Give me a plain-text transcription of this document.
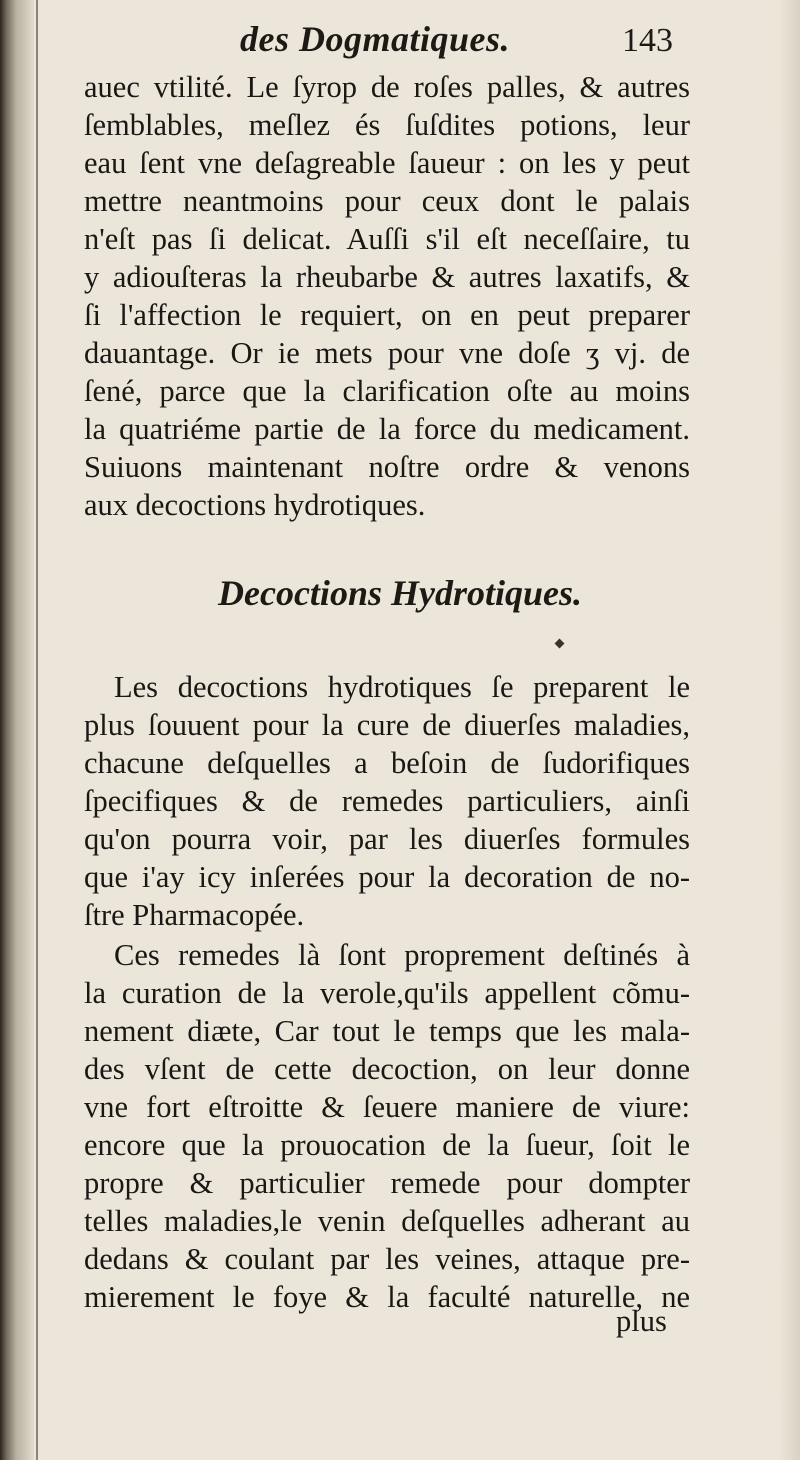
des Dogmatiques.	143
auec vtilité. Le ſyrop de roſes palles, & autres
ſemblables, meſlez és ſuſdites potions, leur
eau ſent vne deſagreable ſaueur : on les y peut
mettre neantmoins pour ceux dont le palais
n'eſt pas ſi delicat. Auſſi s'il eſt neceſſaire, tu
y adiouſteras la rheubarbe & autres laxatifs, &
ſi l'affection le requiert, on en peut preparer
dauantage. Or ie mets pour vne doſe ʒ vj. de
ſené, parce que la clarification oſte au moins
la quatriéme partie de la force du medicament.
Suiuons maintenant noſtre ordre & venons
aux decoctions hydrotiques.
Decoctions Hydrotiques.
Les decoctions hydrotiques ſe preparent le
plus ſouuent pour la cure de diuerſes maladies,
chacune deſquelles a beſoin de ſudorifiques
ſpecifiques & de remedes particuliers, ainſi
qu'on pourra voir, par les diuerſes formules
que i'ay icy inſerées pour la decoration de no-
ſtre Pharmacopée.
Ces remedes là ſont proprement deſtinés à
la curation de la verole,qu'ils appellent cõmu-
nement diæte, Car tout le temps que les mala-
des vſent de cette decoction, on leur donne
vne fort eſtroitte & ſeuere maniere de viure:
encore que la prouocation de la ſueur, ſoit le
propre & particulier remede pour dompter
telles maladies,le venin deſquelles adherant au
dedans & coulant par les veines, attaque pre-
mierement le foye & la faculté naturelle, ne
plus
